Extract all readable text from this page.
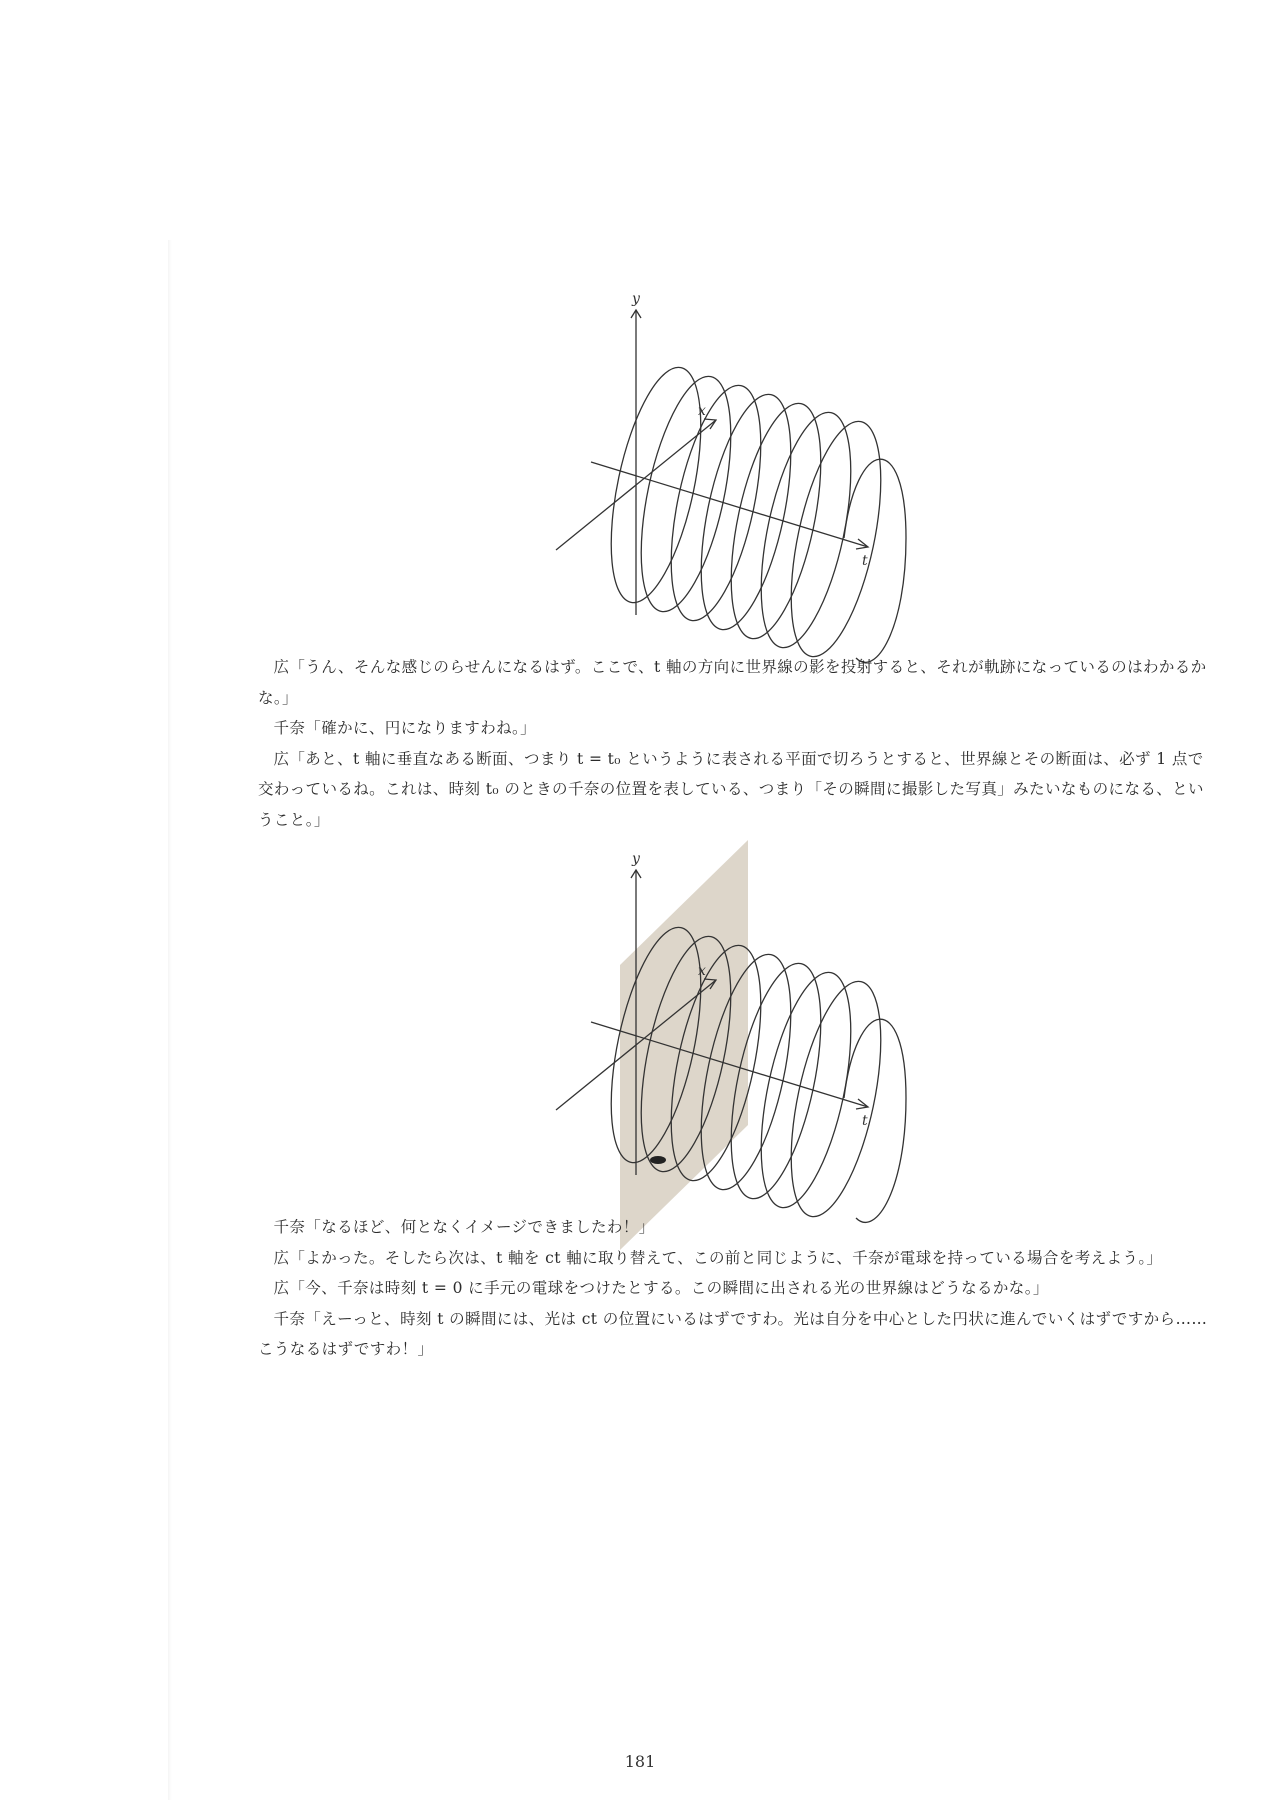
y
x
t

広「うん、そんな感じのらせんになるはず。ここで、t 軸の方向に世界線の影を投射すると、それが軌跡になっているのはわかるかな。」

千奈「確かに、円になりますわね。」

広「あと、t 軸に垂直なある断面、つまり t = t₀ というように表される平面で切ろうとすると、世界線とその断面は、必ず 1 点で交わっているね。これは、時刻 t₀ のときの千奈の位置を表している、つまり「その瞬間に撮影した写真」みたいなものになる、ということ。」

y
x
t

千奈「なるほど、何となくイメージできましたわ！」

広「よかった。そしたら次は、t 軸を ct 軸に取り替えて、この前と同じように、千奈が電球を持っている場合を考えよう。」

広「今、千奈は時刻 t = 0 に手元の電球をつけたとする。この瞬間に出される光の世界線はどうなるかな。」

千奈「えーっと、時刻 t の瞬間には、光は ct の位置にいるはずですわ。光は自分を中心とした円状に進んでいくはずですから……こうなるはずですわ！」

181
